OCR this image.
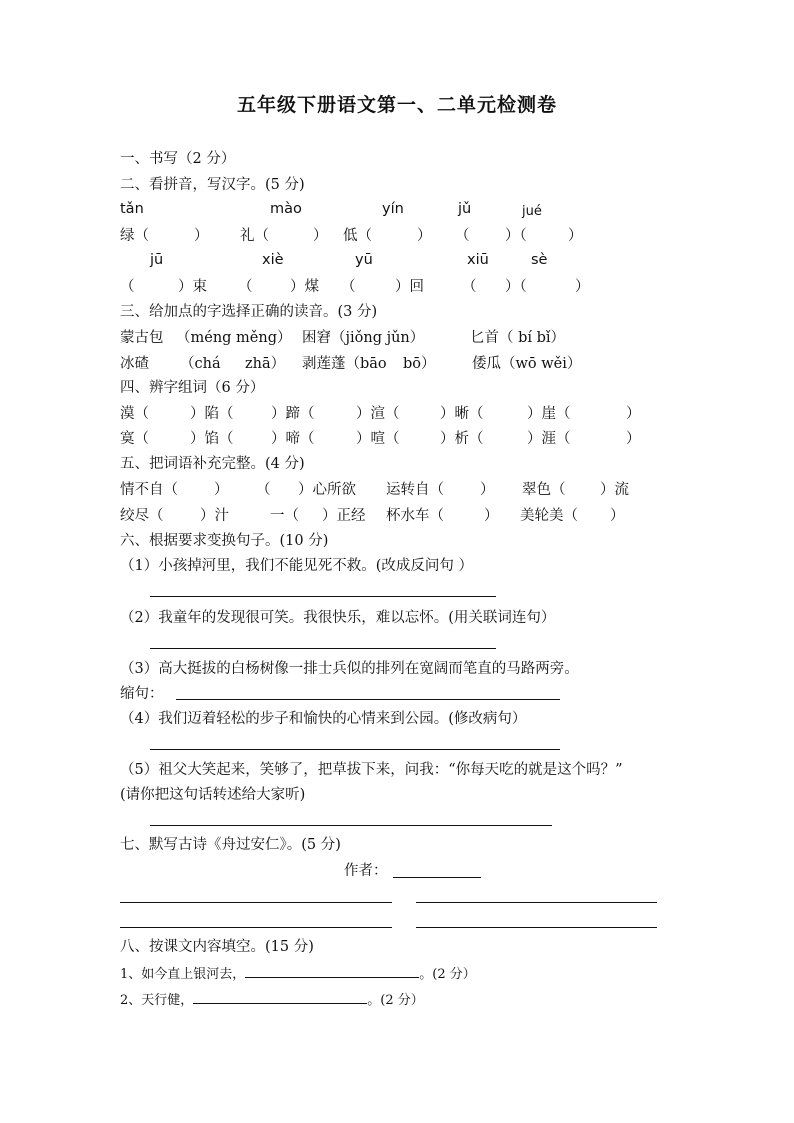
五年级下册语文第一、二单元检测卷
一、书写（2 分）
二、看拼音，写汉字。(5 分)
tǎn	mào	yín	jǔ	jué
绿（	） 礼（	） 低（	） （ ）（	）
jū	xiè	yū	xiū	sè
（	）束 （	）煤 （	）回	（ ）（	）
三、给加点的字选择正确的读音。(3 分)
蒙古包 （méng měng） 困窘（jiǒng jǔn）	匕首（ bí bǐ）
冰碴 （chá zhā） 剥莲蓬（bāo bō）	倭瓜（wō wěi）
四、辨字组词（6 分）
漠（	）陷（	）蹄（	）渲（	）晰（	）崖（	）
寞（	）馅（	）啼（	）喧（	）析（	）涯（	）
五、把词语补充完整。(4 分)
情不自（ ） （ ）心所欲 运转自（ ） 翠色（ ）流
绞尽（	）汁	一（ ）正经 杯水车（	） 美轮美（ ）
六、根据要求变换句子。(10 分)
（1）小孩掉河里，我们不能见死不救。(改成反问句 ）
（2）我童年的发现很可笑。我很快乐，难以忘怀。(用关联词连句）
（3）高大挺拔的白杨树像一排士兵似的排列在宽阔而笔直的马路两旁。
缩句：
（4）我们迈着轻松的步子和愉快的心情来到公园。(修改病句）
（5）祖父大笑起来，笑够了，把草拔下来，问我：“你每天吃的就是这个吗？”
(请你把这句话转述给大家听)
七、默写古诗《舟过安仁》。(5 分)
作者：
八、按课文内容填空。(15 分)
1、如今直上银河去，	。(2 分）
2、天行健，	。(2 分）
